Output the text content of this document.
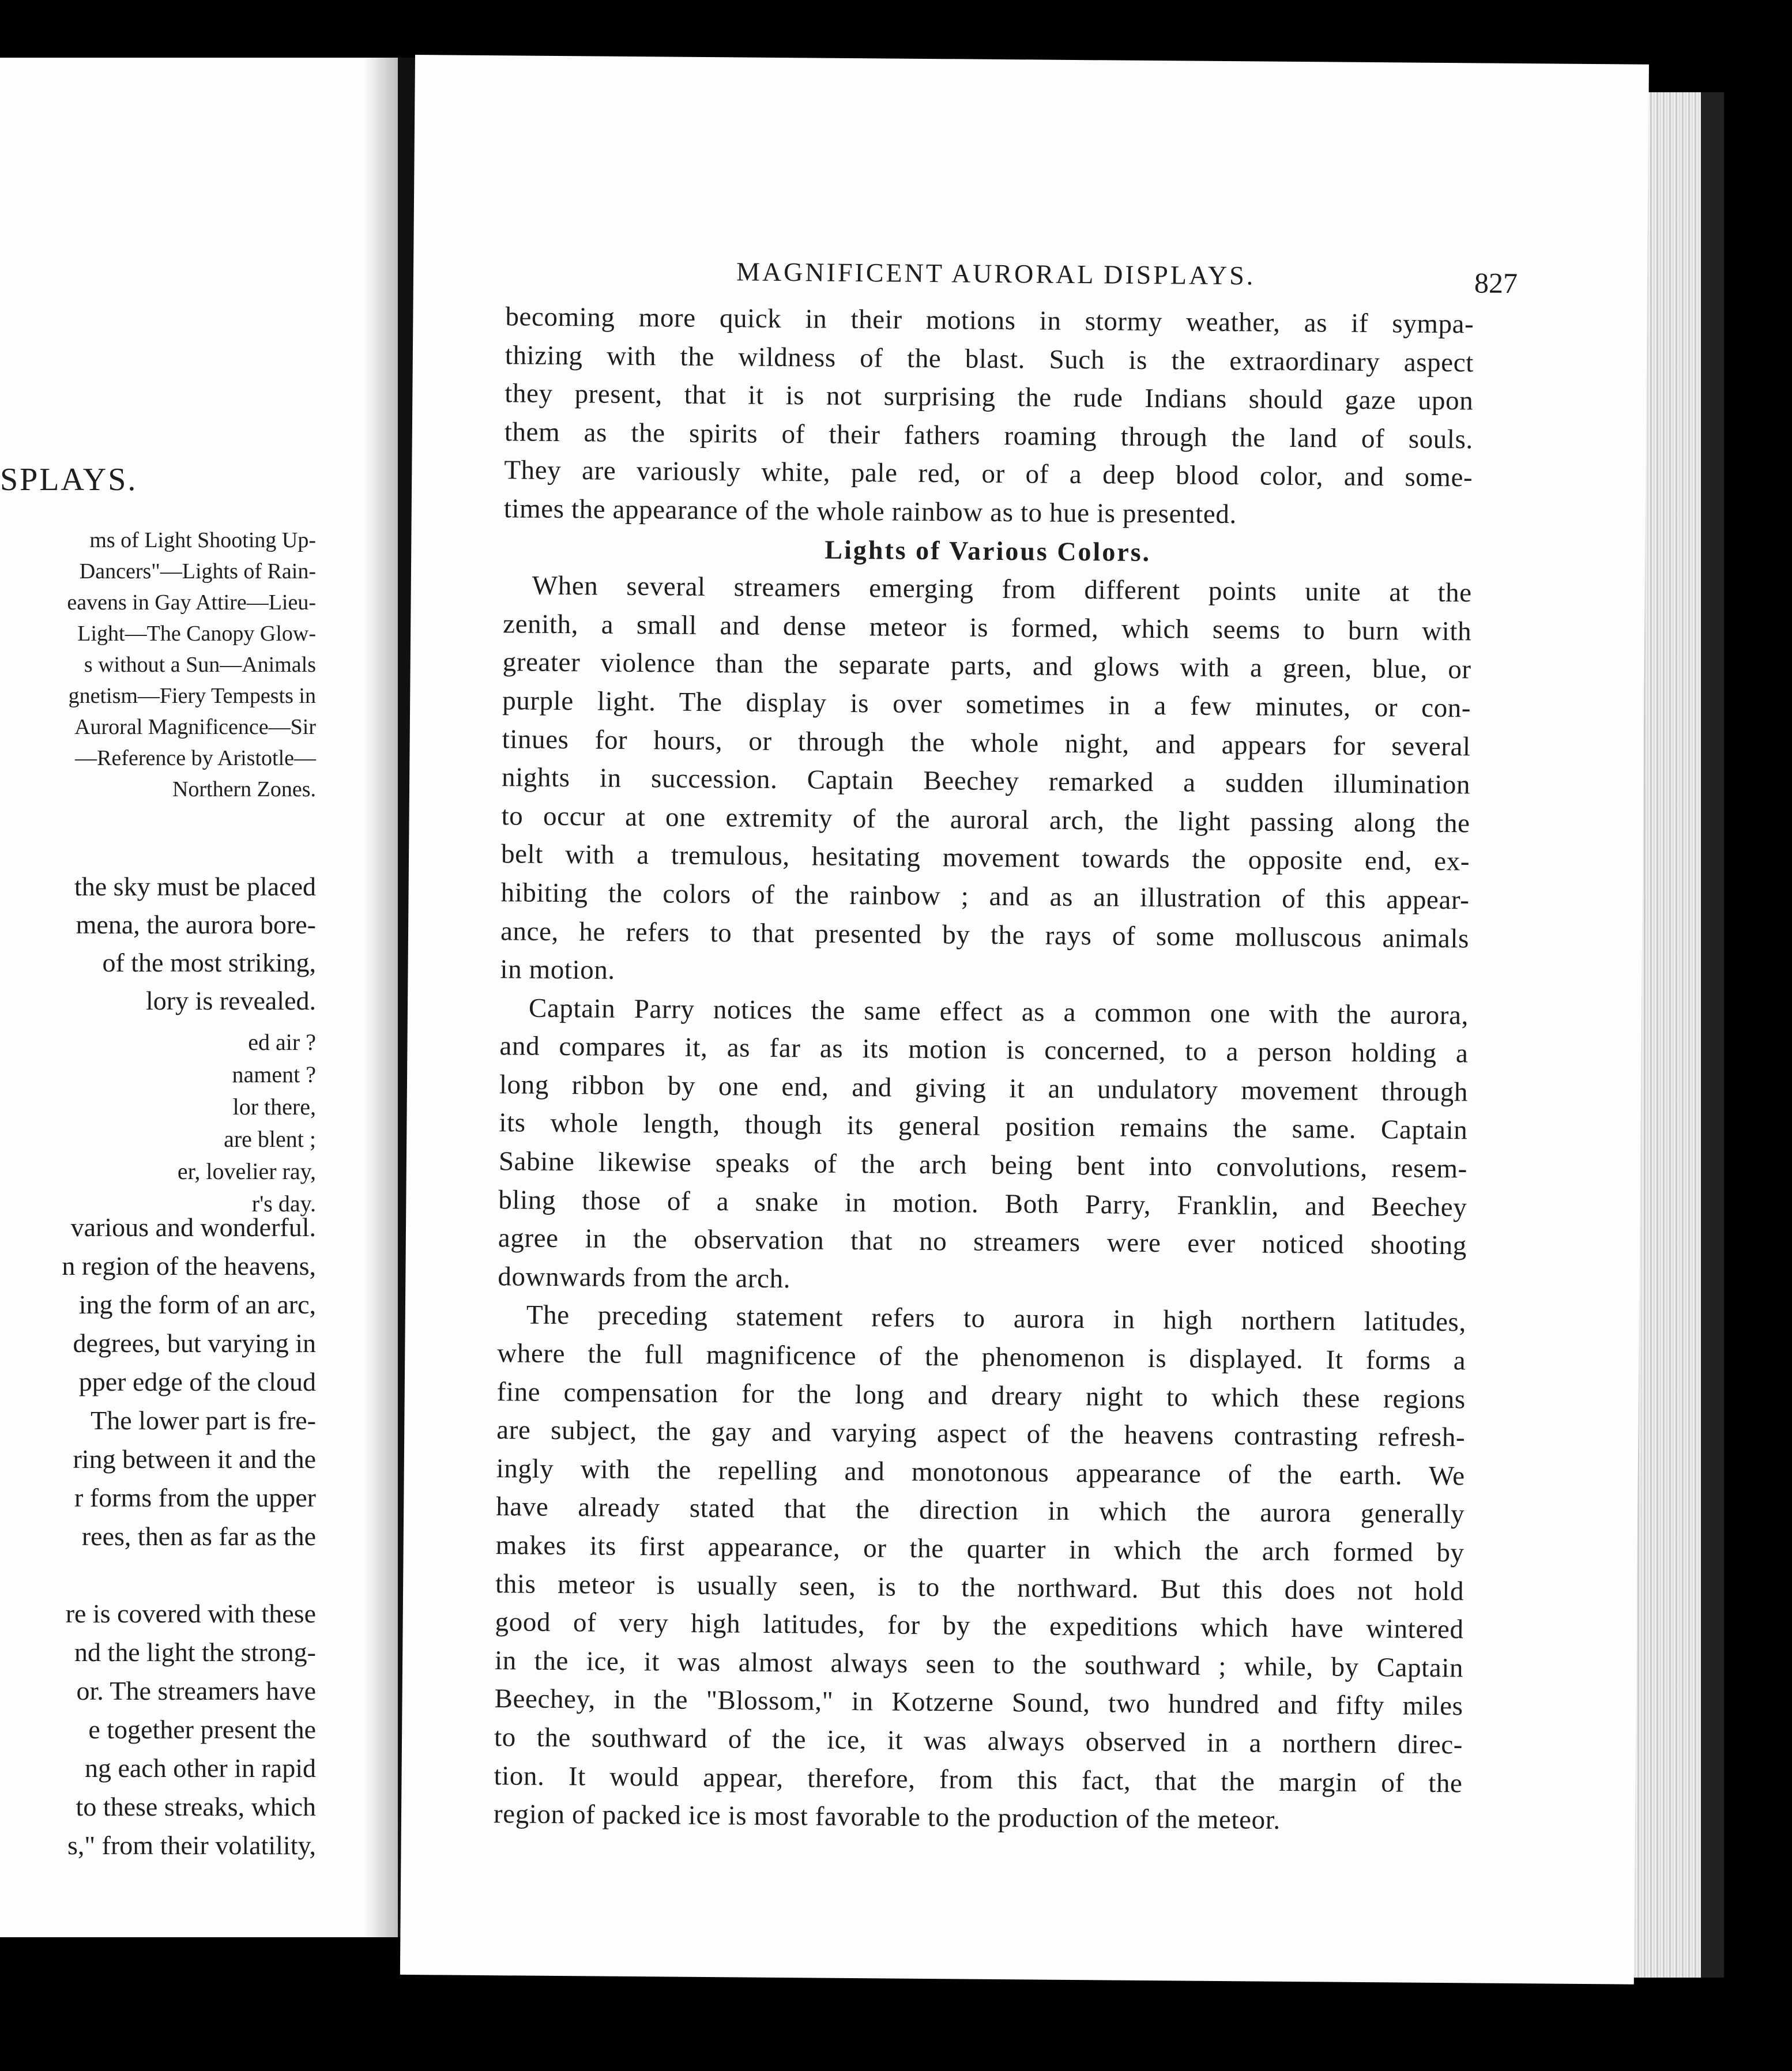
SPLAYS.
ms of Light Shooting Up-
Dancers"—Lights of Rain-
eavens in Gay Attire—Lieu-
Light—The Canopy Glow-
s without a Sun—Animals
gnetism—Fiery Tempests in
Auroral Magnificence—Sir
—Reference by Aristotle—
Northern Zones.
the sky must be placed
mena, the aurora bore-
of the most striking,
lory is revealed.
ed air ?
nament ?
lor there,
are blent ;
er, lovelier ray,
r's day.
various and wonderful.
n region of the heavens,
ing the form of an arc,
degrees, but varying in
pper edge of the cloud
The lower part is fre-
ring between it and the
r forms from the upper
rees, then as far as the
re is covered with these
nd the light the strong-
or. The streamers have
e together present the
ng each other in rapid
to these streaks, which
s," from their volatility,
MAGNIFICENT AURORAL DISPLAYS.	827
becoming more quick in their motions in stormy weather, as if sympa-
thizing with the wildness of the blast. Such is the extraordinary aspect
they present, that it is not surprising the rude Indians should gaze upon
them as the spirits of their fathers roaming through the land of souls.
They are variously white, pale red, or of a deep blood color, and some-
times the appearance of the whole rainbow as to hue is presented.
Lights of Various Colors.
When several streamers emerging from different points unite at the
zenith, a small and dense meteor is formed, which seems to burn with
greater violence than the separate parts, and glows with a green, blue, or
purple light. The display is over sometimes in a few minutes, or con-
tinues for hours, or through the whole night, and appears for several
nights in succession. Captain Beechey remarked a sudden illumination
to occur at one extremity of the auroral arch, the light passing along the
belt with a tremulous, hesitating movement towards the opposite end, ex-
hibiting the colors of the rainbow ; and as an illustration of this appear-
ance, he refers to that presented by the rays of some molluscous animals
in motion.
Captain Parry notices the same effect as a common one with the aurora,
and compares it, as far as its motion is concerned, to a person holding a
long ribbon by one end, and giving it an undulatory movement through
its whole length, though its general position remains the same. Captain
Sabine likewise speaks of the arch being bent into convolutions, resem-
bling those of a snake in motion. Both Parry, Franklin, and Beechey
agree in the observation that no streamers were ever noticed shooting
downwards from the arch.
The preceding statement refers to aurora in high northern latitudes,
where the full magnificence of the phenomenon is displayed. It forms a
fine compensation for the long and dreary night to which these regions
are subject, the gay and varying aspect of the heavens contrasting refresh-
ingly with the repelling and monotonous appearance of the earth. We
have already stated that the direction in which the aurora generally
makes its first appearance, or the quarter in which the arch formed by
this meteor is usually seen, is to the northward. But this does not hold
good of very high latitudes, for by the expeditions which have wintered
in the ice, it was almost always seen to the southward ; while, by Captain
Beechey, in the "Blossom," in Kotzerne Sound, two hundred and fifty miles
to the southward of the ice, it was always observed in a northern direc-
tion. It would appear, therefore, from this fact, that the margin of the
region of packed ice is most favorable to the production of the meteor.
